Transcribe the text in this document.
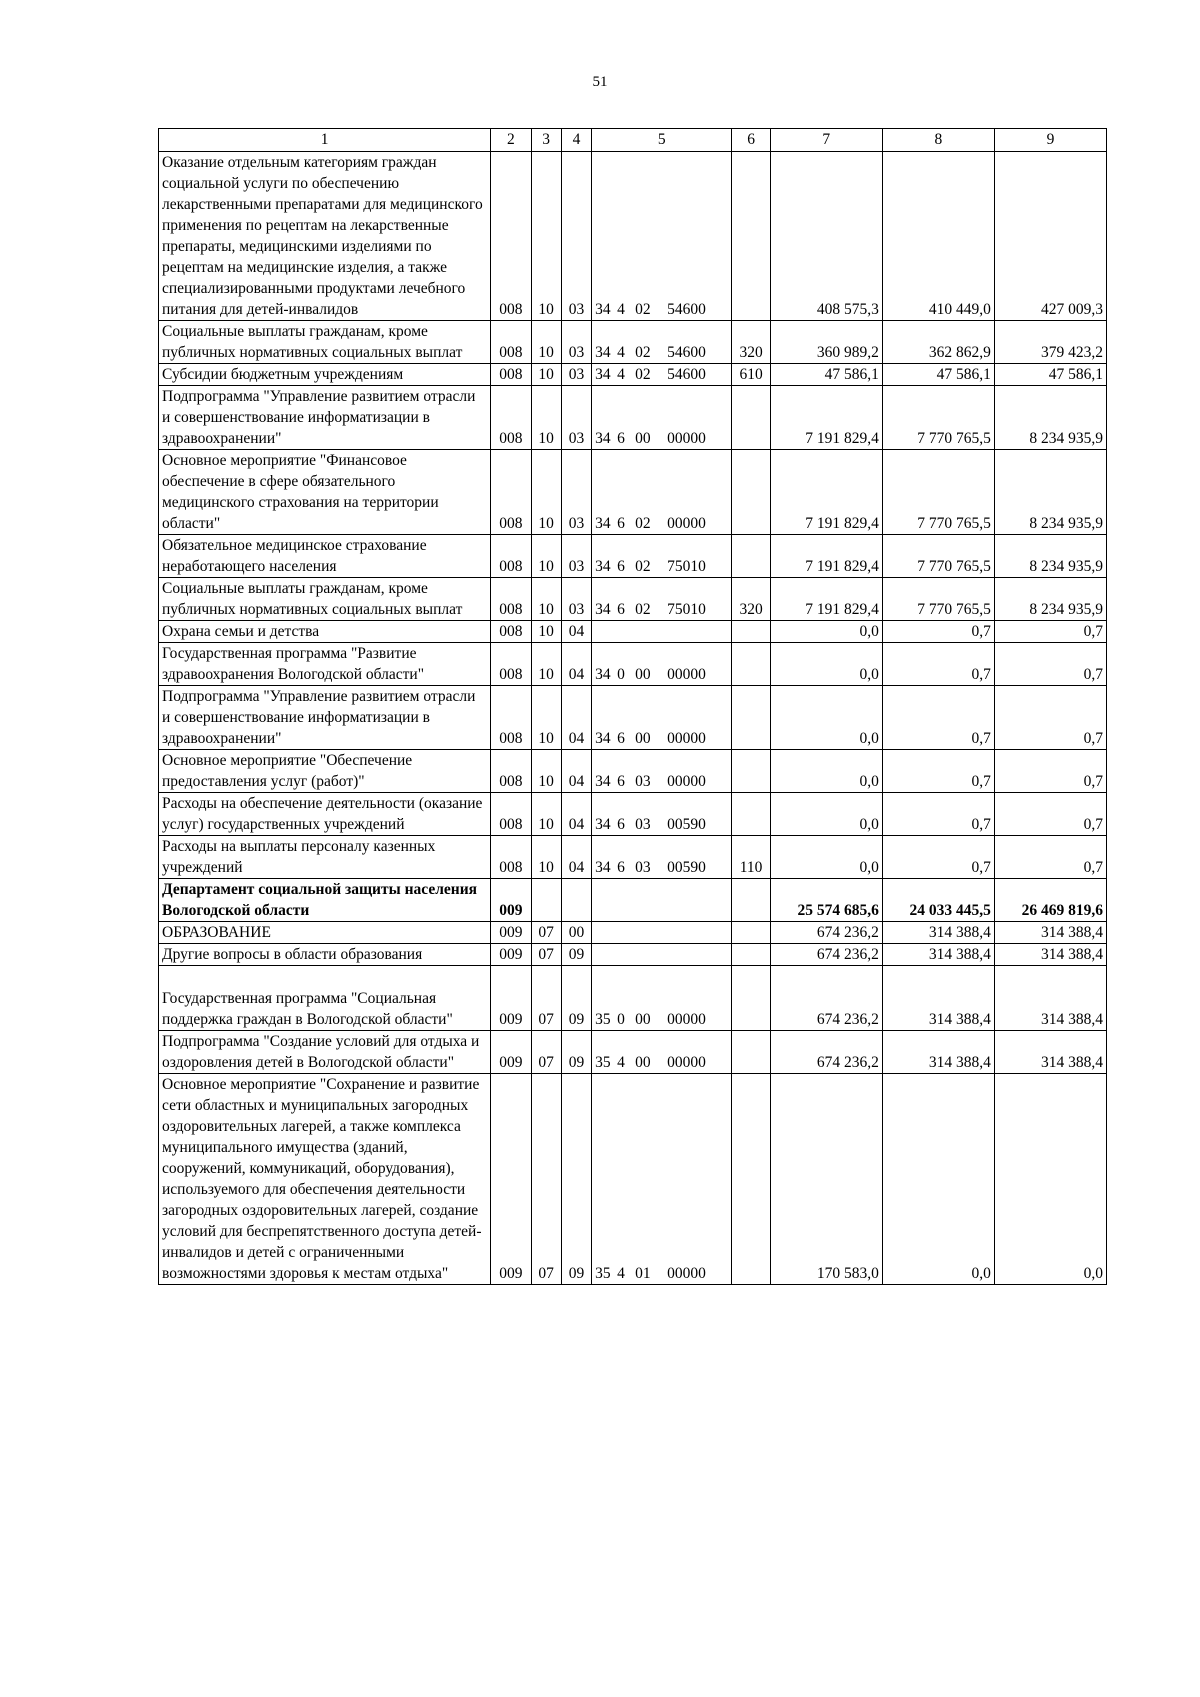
51
1	2	3	4	5	6	7	8	9
Оказание отдельным категориям граждан социальной услуги по обеспечению лекарственными препаратами для медицинского применения по рецептам на лекарственные препараты, медицинскими изделиями по рецептам на медицинские изделия, а также специализированными продуктами лечебного питания для детей-инвалидов	008	10	03	34 4 02 54600		408 575,3	410 449,0	427 009,3
Социальные выплаты гражданам, кроме публичных нормативных социальных выплат	008	10	03	34 4 02 54600	320	360 989,2	362 862,9	379 423,2
Субсидии бюджетным учреждениям	008	10	03	34 4 02 54600	610	47 586,1	47 586,1	47 586,1
Подпрограмма "Управление развитием отрасли и совершенствование информатизации в здравоохранении"	008	10	03	34 6 00 00000		7 191 829,4	7 770 765,5	8 234 935,9
Основное мероприятие "Финансовое обеспечение в сфере обязательного медицинского страхования на территории области"	008	10	03	34 6 02 00000		7 191 829,4	7 770 765,5	8 234 935,9
Обязательное медицинское страхование неработающего населения	008	10	03	34 6 02 75010		7 191 829,4	7 770 765,5	8 234 935,9
Социальные выплаты гражданам, кроме публичных нормативных социальных выплат	008	10	03	34 6 02 75010	320	7 191 829,4	7 770 765,5	8 234 935,9
Охрана семьи и детства	008	10	04			0,0	0,7	0,7
Государственная программа "Развитие здравоохранения Вологодской области"	008	10	04	34 0 00 00000		0,0	0,7	0,7
Подпрограмма "Управление развитием отрасли и совершенствование информатизации в здравоохранении"	008	10	04	34 6 00 00000		0,0	0,7	0,7
Основное мероприятие "Обеспечение предоставления услуг (работ)"	008	10	04	34 6 03 00000		0,0	0,7	0,7
Расходы на обеспечение деятельности (оказание услуг) государственных учреждений	008	10	04	34 6 03 00590		0,0	0,7	0,7
Расходы на выплаты персоналу казенных учреждений	008	10	04	34 6 03 00590	110	0,0	0,7	0,7
Департамент социальной защиты населения Вологодской области	009					25 574 685,6	24 033 445,5	26 469 819,6
ОБРАЗОВАНИЕ	009	07	00			674 236,2	314 388,4	314 388,4
Другие вопросы в области образования	009	07	09			674 236,2	314 388,4	314 388,4
Государственная программа "Социальная поддержка граждан в Вологодской области"	009	07	09	35 0 00 00000		674 236,2	314 388,4	314 388,4
Подпрограмма "Создание условий для отдыха и оздоровления детей в Вологодской области"	009	07	09	35 4 00 00000		674 236,2	314 388,4	314 388,4
Основное мероприятие "Сохранение и развитие сети областных и муниципальных загородных оздоровительных лагерей, а также комплекса муниципального имущества (зданий, сооружений, коммуникаций, оборудования), используемого для обеспечения деятельности загородных оздоровительных лагерей, создание условий для беспрепятственного доступа детей-инвалидов и детей с ограниченными возможностями здоровья к местам отдыха"	009	07	09	35 4 01 00000		170 583,0	0,0	0,0
